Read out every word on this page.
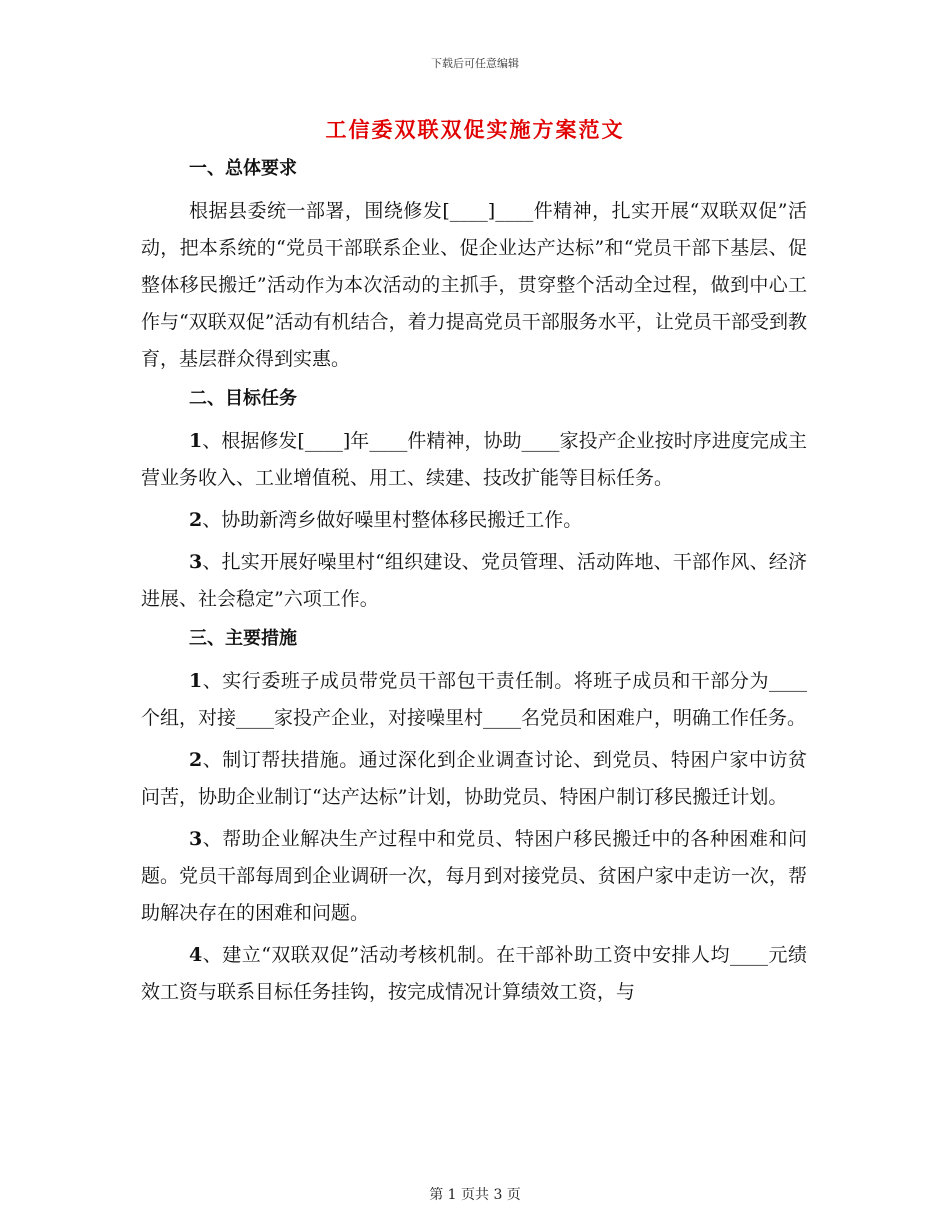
下载后可任意编辑
工信委双联双促实施方案范文
一、总体要求

根据县委统一部署，围绕修发[____]____件精神，扎实开展“双联双促”活动，把本系统的“党员干部联系企业、促企业达产达标”和“党员干部下基层、促整体移民搬迁”活动作为本次活动的主抓手，贯穿整个活动全过程，做到中心工作与“双联双促”活动有机结合，着力提高党员干部服务水平，让党员干部受到教育，基层群众得到实惠。

二、目标任务

1、根据修发[____]年____件精神，协助____家投产企业按时序进度完成主营业务收入、工业增值税、用工、续建、技改扩能等目标任务。

2、协助新湾乡做好噪里村整体移民搬迁工作。

3、扎实开展好噪里村“组织建设、党员管理、活动阵地、干部作风、经济进展、社会稳定”六项工作。

三、主要措施

1、实行委班子成员带党员干部包干责任制。将班子成员和干部分为____个组，对接____家投产企业，对接噪里村____名党员和困难户，明确工作任务。

2、制订帮扶措施。通过深化到企业调查讨论、到党员、特困户家中访贫问苦，协助企业制订“达产达标”计划，协助党员、特困户制订移民搬迁计划。

3、帮助企业解决生产过程中和党员、特困户移民搬迁中的各种困难和问题。党员干部每周到企业调研一次，每月到对接党员、贫困户家中走访一次，帮助解决存在的困难和问题。

4、建立“双联双促”活动考核机制。在干部补助工资中安排人均____元绩效工资与联系目标任务挂钩，按完成情况计算绩效工资，与

第 1 页共 3 页
